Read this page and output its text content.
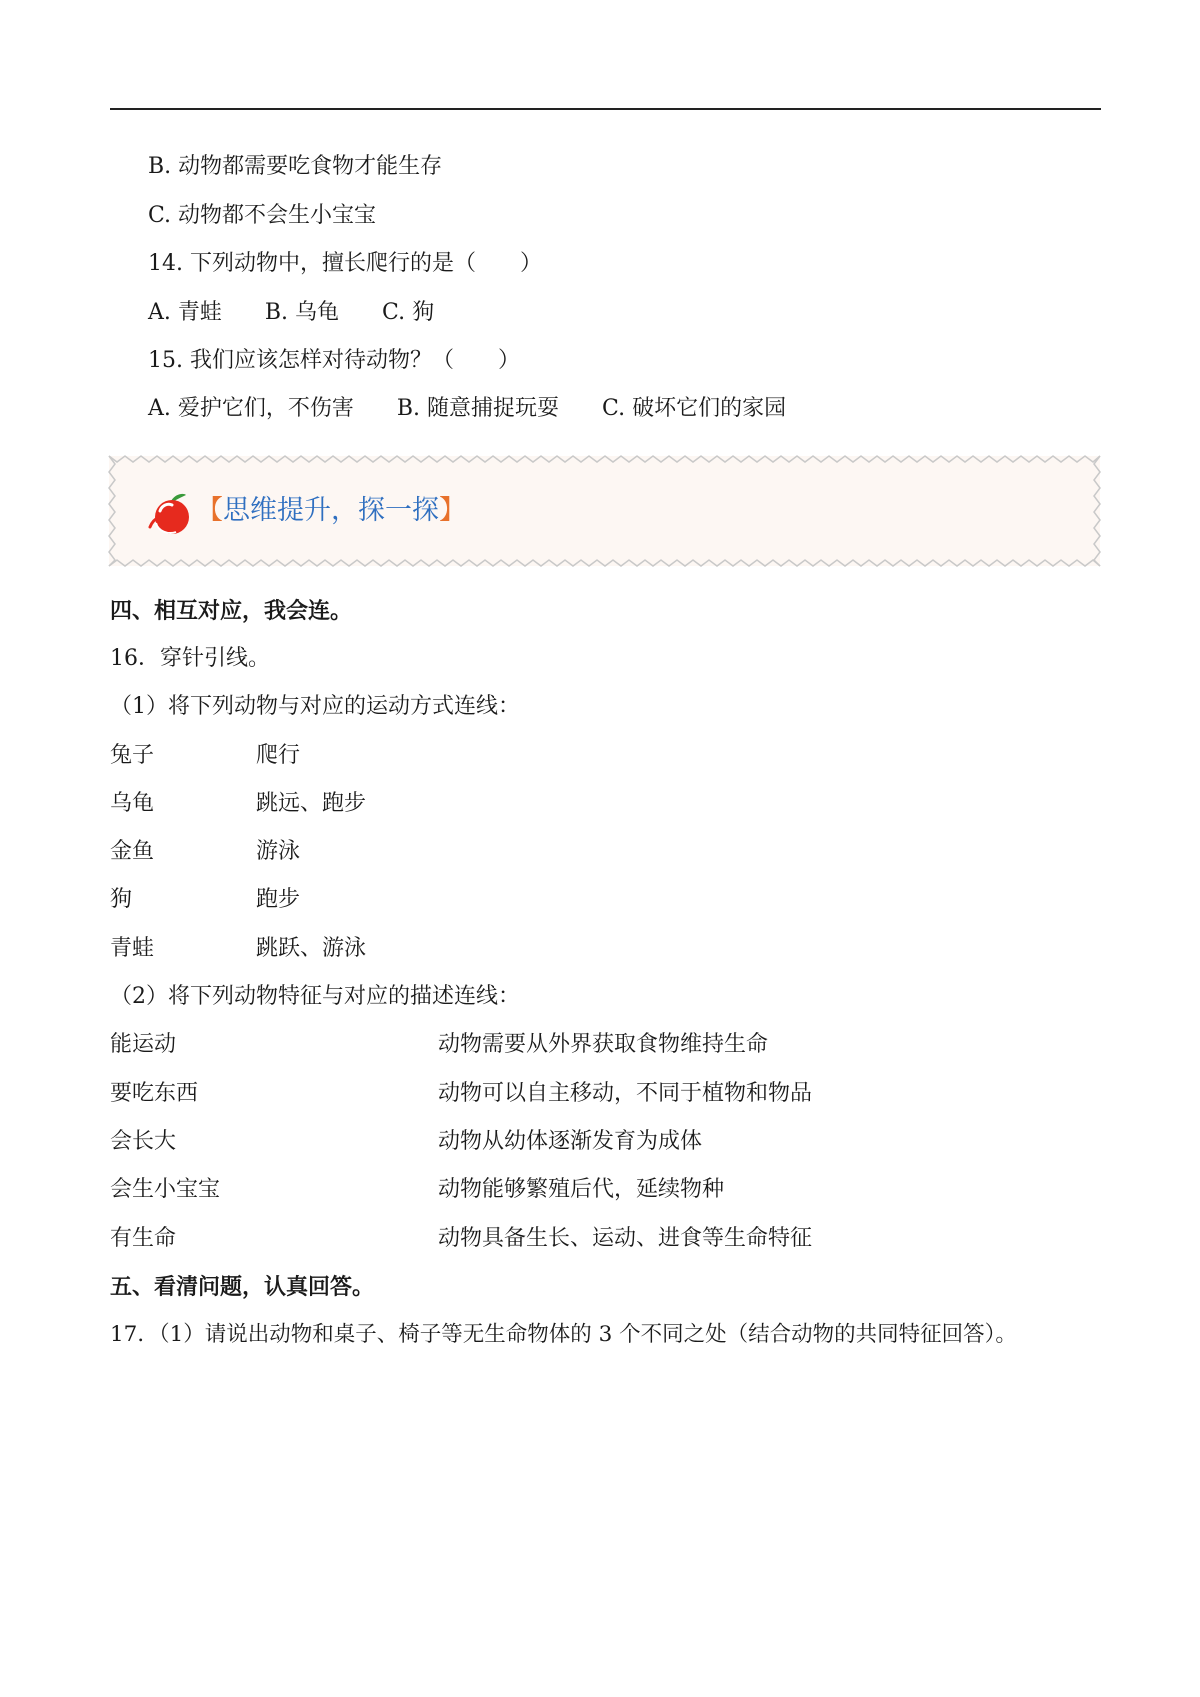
B. 动物都需要吃食物才能生存
C. 动物都不会生小宝宝
14. 下列动物中，擅长爬行的是（　　）
A. 青蛙 B. 乌龟 C. 狗
15. 我们应该怎样对待动物？（　　）
A. 爱护它们，不伤害 B. 随意捕捉玩耍 C. 破坏它们的家园
【思维提升，探一探】
四、相互对应，我会连。
16．穿针引线。
（1）将下列动物与对应的运动方式连线：
兔子	爬行
乌龟	跳远、跑步
金鱼	游泳
狗	跑步
青蛙	跳跃、游泳
（2）将下列动物特征与对应的描述连线：
能运动	动物需要从外界获取食物维持生命
要吃东西	动物可以自主移动，不同于植物和物品
会长大	动物从幼体逐渐发育为成体
会生小宝宝	动物能够繁殖后代，延续物种
有生命	动物具备生长、运动、进食等生命特征
五、看清问题，认真回答。
17．（1）请说出动物和桌子、椅子等无生命物体的 3 个不同之处（结合动物的共同特征回答）。
